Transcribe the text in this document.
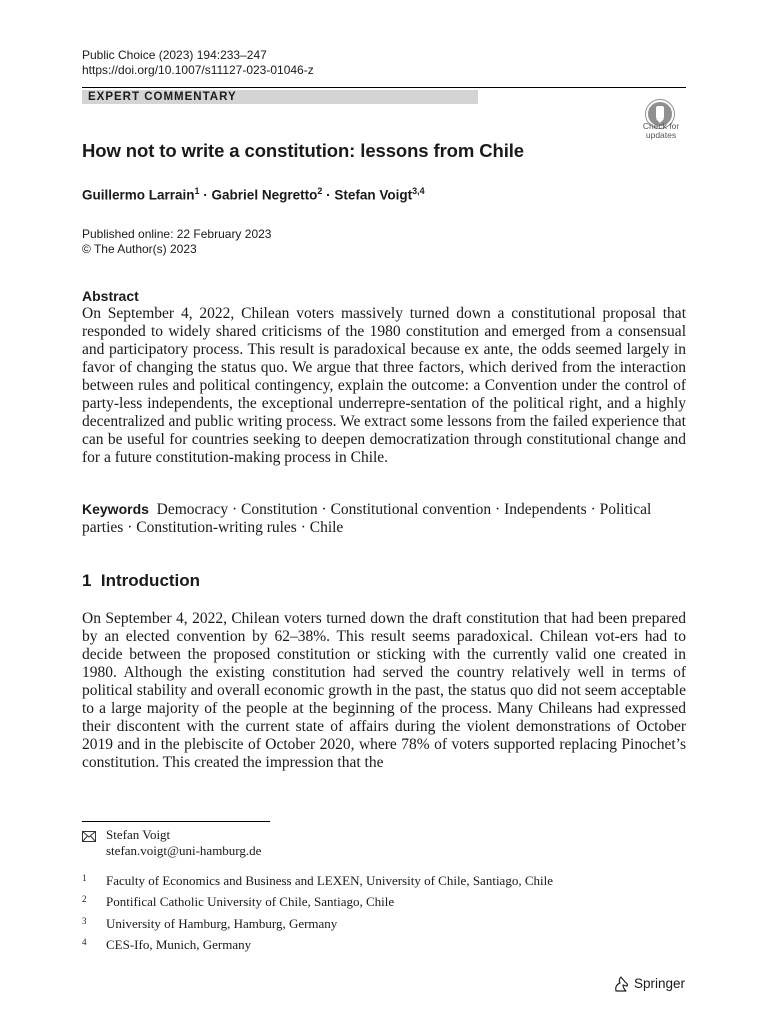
Public Choice (2023) 194:233–247
https://doi.org/10.1007/s11127-023-01046-z
EXPERT COMMENTARY
Check for
updates
How not to write a constitution: lessons from Chile
Guillermo Larrain$^1$ · Gabriel Negretto$^2$ · Stefan Voigt$^{3,4}$
Published online: 22 February 2023
© The Author(s) 2023
Abstract
On September 4, 2022, Chilean voters massively turned down a constitutional proposal that responded to widely shared criticisms of the 1980 constitution and emerged from a consensual and participatory process. This result is paradoxical because ex ante, the odds seemed largely in favor of changing the status quo. We argue that three factors, which derived from the interaction between rules and political contingency, explain the outcome: a Convention under the control of party-less independents, the exceptional underrepre-sentation of the political right, and a highly decentralized and public writing process. We extract some lessons from the failed experience that can be useful for countries seeking to deepen democratization through constitutional change and for a future constitution-making process in Chile.
Keywords Democracy · Constitution · Constitutional convention · Independents · Political parties · Constitution-writing rules · Chile
1  Introduction
On September 4, 2022, Chilean voters turned down the draft constitution that had been prepared by an elected convention by 62–38%. This result seems paradoxical. Chilean vot-ers had to decide between the proposed constitution or sticking with the currently valid one created in 1980. Although the existing constitution had served the country relatively well in terms of political stability and overall economic growth in the past, the status quo did not seem acceptable to a large majority of the people at the beginning of the process. Many Chileans had expressed their discontent with the current state of affairs during the violent demonstrations of October 2019 and in the plebiscite of October 2020, where 78% of voters supported replacing Pinochet’s constitution. This created the impression that the
Stefan Voigt
stefan.voigt@uni-hamburg.de
1 Faculty of Economics and Business and LEXEN, University of Chile, Santiago, Chile
2 Pontifical Catholic University of Chile, Santiago, Chile
3 University of Hamburg, Hamburg, Germany
4 CES-Ifo, Munich, Germany
Springer
